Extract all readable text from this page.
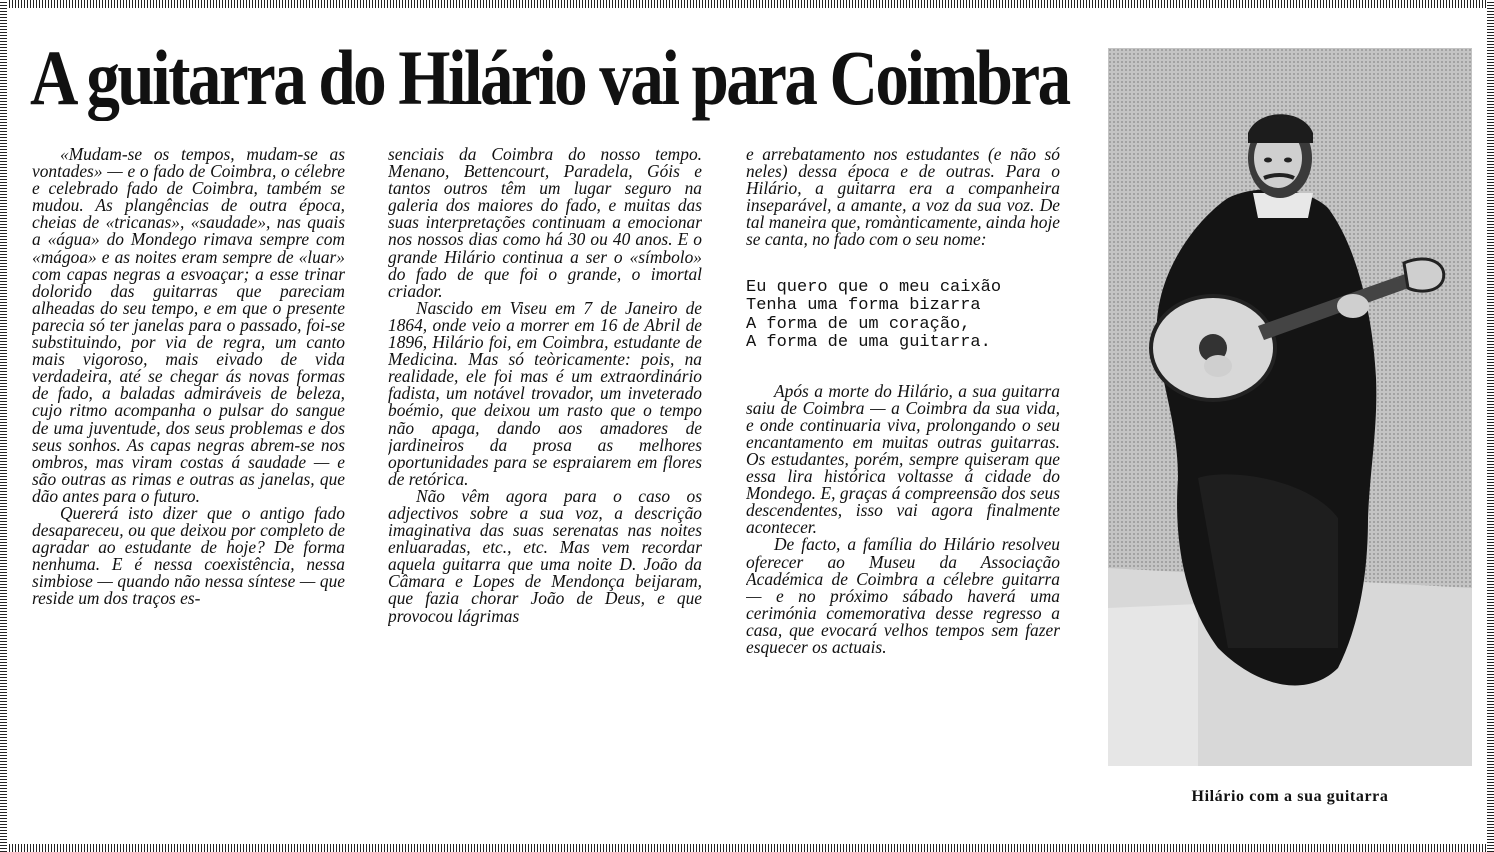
A guitarra do Hilário vai para Coimbra

«Mudam-se os tempos, mudam-se as vontades» — e o fado de Coimbra, o célebre e celebrado fado de Coimbra, também se mudou. As plangências de outra época, cheias de «tricanas», «saudade», nas quais a «água» do Mondego rimava sempre com «mágoa» e as noites eram sempre de «luar» com capas negras a esvoaçar; a esse trinar dolorido das guitarras que pareciam alheadas do seu tempo, e em que o presente parecia só ter janelas para o passado, foi-se substituindo, por via de regra, um canto mais vigoroso, mais eivado de vida verdadeira, até se chegar ás novas formas de fado, a baladas admiráveis de beleza, cujo ritmo acompanha o pulsar do sangue de uma juventude, dos seus problemas e dos seus sonhos. As capas negras abrem-se nos ombros, mas viram costas á saudade — e são outras as rimas e outras as janelas, que dão antes para o futuro.

Quererá isto dizer que o antigo fado desapareceu, ou que deixou por completo de agradar ao estudante de hoje? De forma nenhuma. E é nessa coexistência, nessa simbiose — quando não nessa síntese — que reside um dos traços es-

senciais da Coimbra do nosso tempo. Menano, Bettencourt, Paradela, Góis e tantos outros têm um lugar seguro na galeria dos maiores do fado, e muitas das suas interpretações continuam a emocionar nos nossos dias como há 30 ou 40 anos. E o grande Hilário continua a ser o «símbolo» do fado de que foi o grande, o imortal criador.

Nascido em Viseu em 7 de Janeiro de 1864, onde veio a morrer em 16 de Abril de 1896, Hilário foi, em Coimbra, estudante de Medicina. Mas só teòricamente: pois, na realidade, ele foi mas é um extraordinário fadista, um notável trovador, um inveterado boémio, que deixou um rasto que o tempo não apaga, dando aos amadores de jardineiros da prosa as melhores oportunidades para se espraiarem em flores de retórica.

Não vêm agora para o caso os adjectivos sobre a sua voz, a descrição imaginativa das suas serenatas nas noites enluaradas, etc., etc. Mas vem recordar aquela guitarra que uma noite D. João da Câmara e Lopes de Mendonça beijaram, que fazia chorar João de Deus, e que provocou lágrimas

e arrebatamento nos estudantes (e não só neles) dessa época e de outras. Para o Hilário, a guitarra era a companheira inseparável, a amante, a voz da sua voz. De tal maneira que, romànticamente, ainda hoje se canta, no fado com o seu nome:

Eu quero que o meu caixão
Tenha uma forma bizarra
A forma de um coração,
A forma de uma guitarra.

Após a morte do Hilário, a sua guitarra saiu de Coimbra — a Coimbra da sua vida, e onde continuaria viva, prolongando o seu encantamento em muitas outras guitarras. Os estudantes, porém, sempre quiseram que essa lira histórica voltasse á cidade do Mondego. E, graças á compreensão dos seus descendentes, isso vai agora finalmente acontecer.

De facto, a família do Hilário resolveu oferecer ao Museu da Associação Académica de Coimbra a célebre guitarra — e no próximo sábado haverá uma cerimónia comemorativa desse regresso a casa, que evocará velhos tempos sem fazer esquecer os actuais.

Hilário com a sua guitarra
